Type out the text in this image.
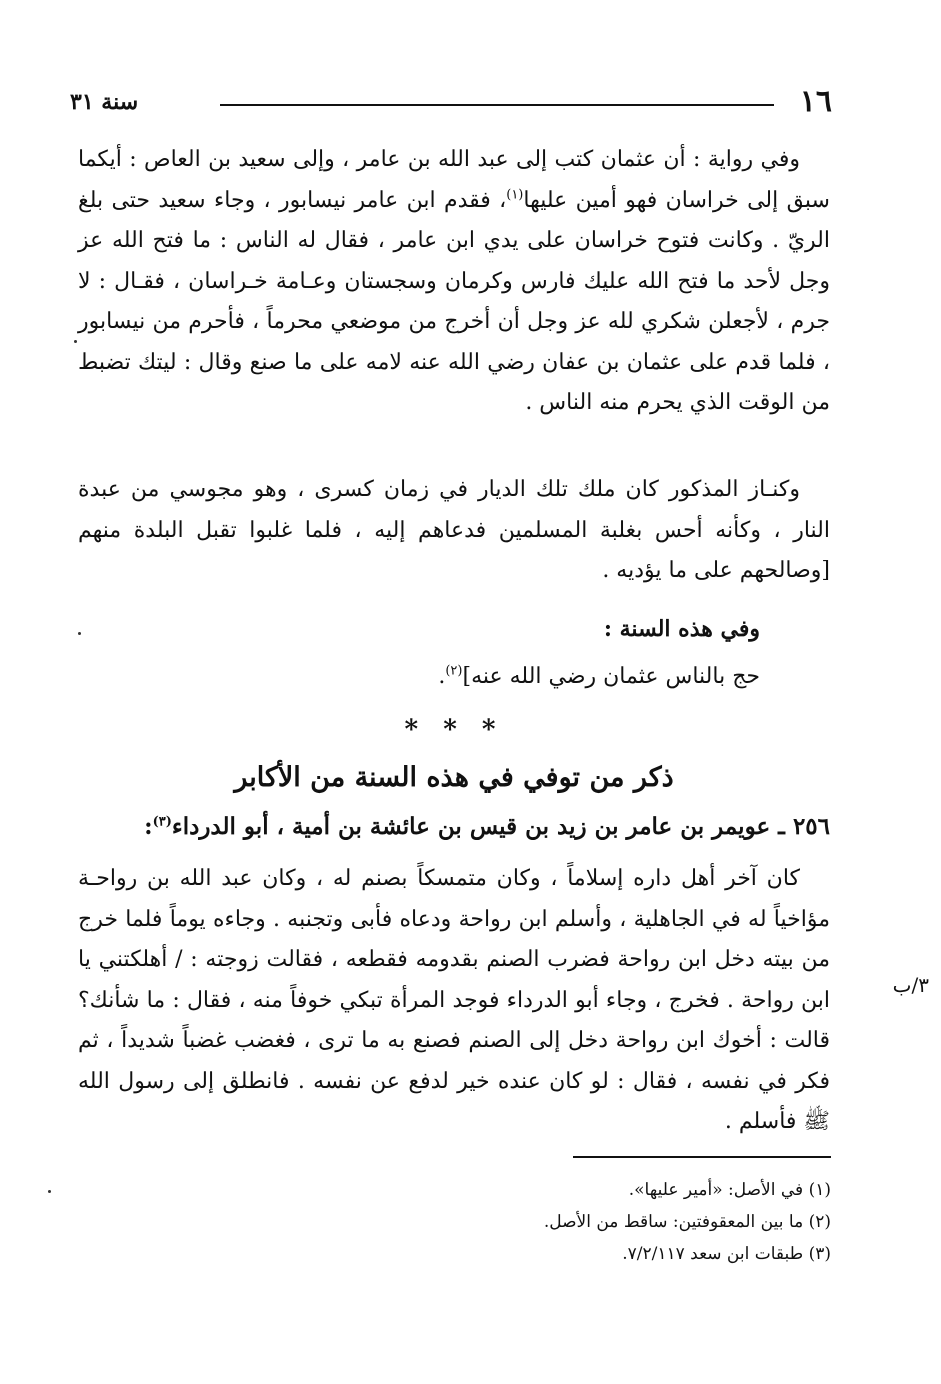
١٦
سنة ٣١

وفي رواية : أن عثمان كتب إلى عبد الله بن عامر ، وإلى سعيد بن العاص : أيكما سبق إلى خراسان فهو أمين عليها$^{(١)}$، فقدم ابن عامر نيسابور ، وجاء سعيد حتى بلغ الريّ . وكانت فتوح خراسان على يدي ابن عامر ، فقال له الناس : ما فتح الله عز وجل لأحد ما فتح الله عليك فارس وكرمان وسجستان وعـامة خـراسان ، فقـال : لا جرم ، لأجعلن شكري لله عز وجل أن أخرج من موضعي محرماً ، فأحرم من نيسابور ، فلما قدم على عثمان بن عفان رضي الله عنه لامه على ما صنع وقال : ليتك تضبط من الوقت الذي يحرم منه الناس .

وكنـاز المذكور كان ملك تلك الديار في زمان كسرى ، وهو مجوسي من عبدة النار ، وكأنه أحس بغلبة المسلمين فدعاهم إليه ، فلما غلبوا تقبل البلدة منهم [وصالحهم على ما يؤديه .

وفي هذه السنة :
حج بالناس عثمان رضي الله عنه]$^{(٢)}$.
* * *
ذكر من توفي في هذه السنة من الأكابر
٢٥٦ ـ عويمر بن عامر بن زيد بن قيس بن عائشة بن أمية ، أبو الدرداء$^{(٣)}$:

كان آخر أهل داره إسلاماً ، وكان متمسكاً بصنم له ، وكان عبد الله بن رواحـة مؤاخياً له في الجاهلية ، وأسلم ابن رواحة ودعاه فأبى وتجنبه . وجاءه يوماً فلما خرج من بيته دخل ابن رواحة فضرب الصنم بقدومه فقطعه ، فقالت زوجته : / أهلكتني يا ابن رواحة . فخرج ، وجاء أبو الدرداء فوجد المرأة تبكي خوفاً منه ، فقال : ما شأنك؟ قالت : أخوك ابن رواحة دخل إلى الصنم فصنع به ما ترى ، فغضب غضباً شديداً ، ثم فكر في نفسه ، فقال : لو كان عنده خير لدفع عن نفسه . فانطلق إلى رسول الله ﷺ فأسلم .

٣/ب
(١) في الأصل: «أمير عليها».
(٢) ما بين المعقوفتين: ساقط من الأصل.
(٣) طبقات ابن سعد ٧/٢/١١٧.
